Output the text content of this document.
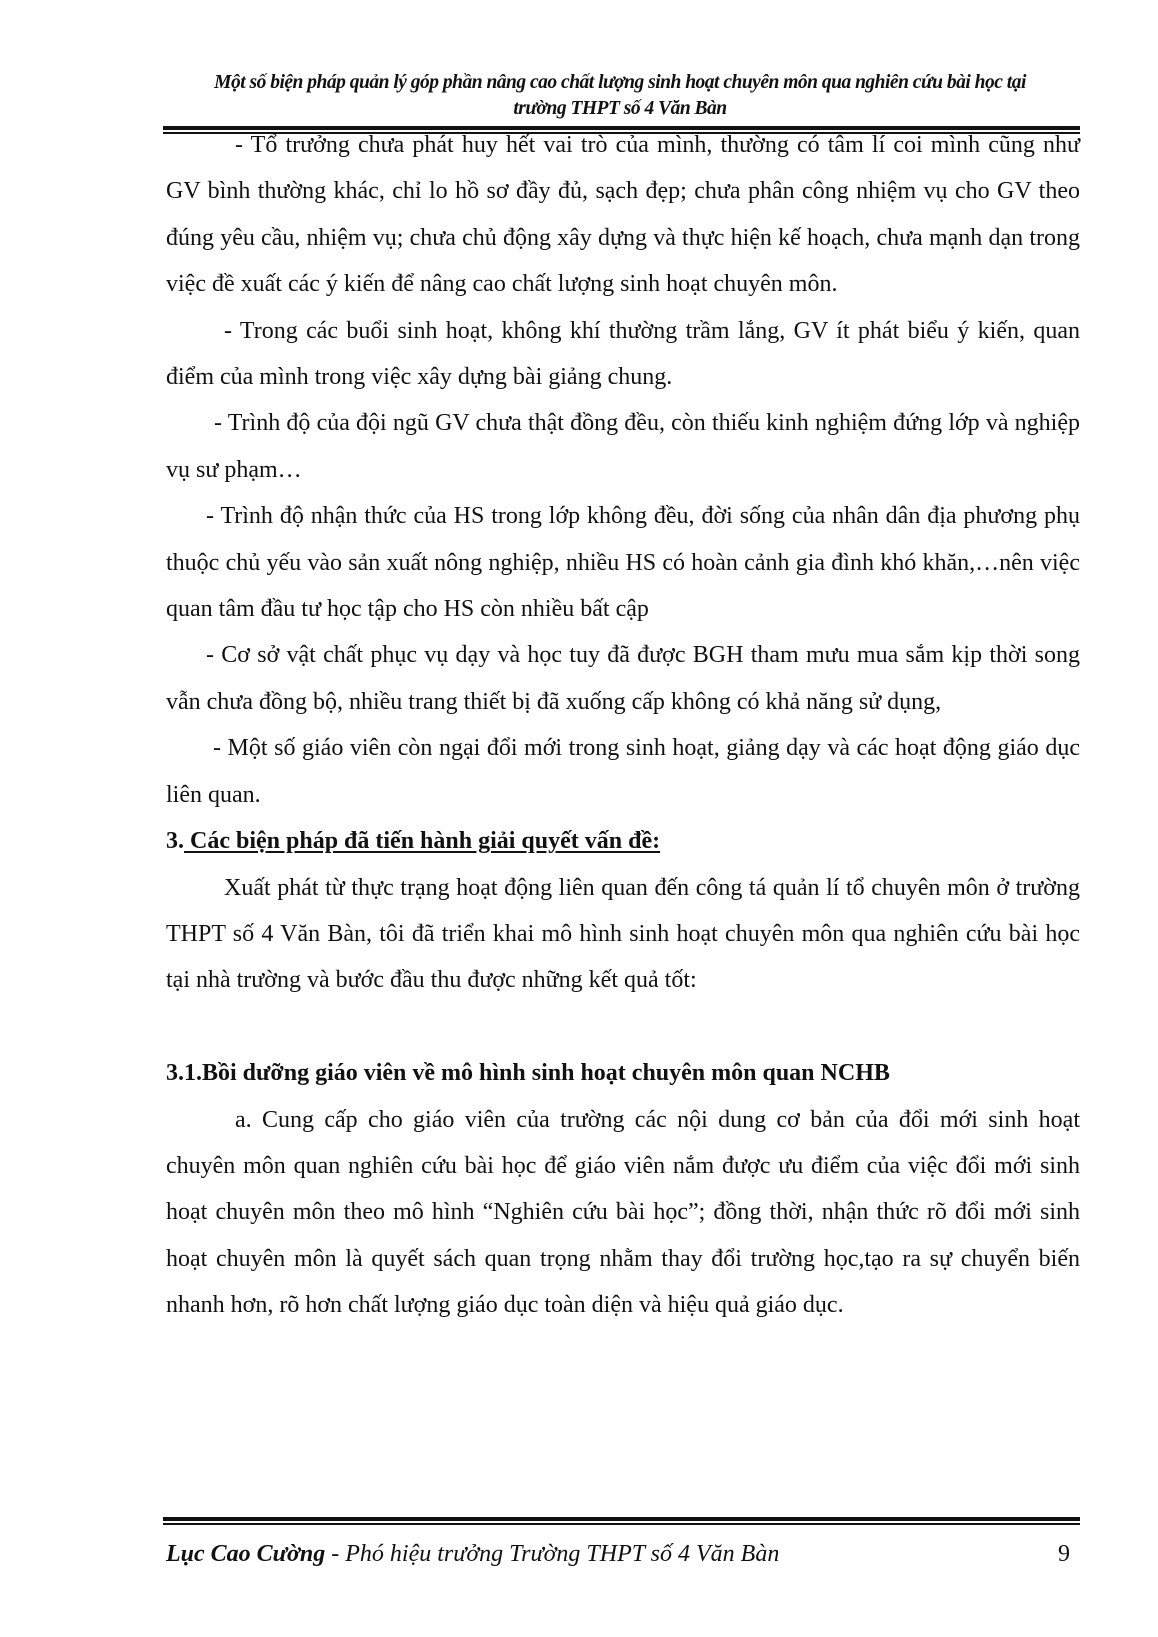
Một số biện pháp quản lý góp phần nâng cao chất lượng sinh hoạt chuyên môn qua nghiên cứu bài học tại
trường THPT số 4 Văn Bàn

- Tổ trưởng chưa phát huy hết vai trò của mình, thường có tâm lí coi mình cũng như GV bình thường khác, chỉ lo hồ sơ đầy đủ, sạch đẹp; chưa phân công nhiệm vụ cho GV theo đúng yêu cầu, nhiệm vụ; chưa chủ động xây dựng và thực hiện kế hoạch, chưa mạnh dạn trong việc đề xuất các ý kiến để nâng cao chất lượng sinh hoạt chuyên môn.

- Trong các buổi sinh hoạt, không khí thường trầm lắng, GV ít phát biểu ý kiến, quan điểm của mình trong việc xây dựng bài giảng chung.

- Trình độ của đội ngũ GV chưa thật đồng đều, còn thiếu kinh nghiệm đứng lớp và nghiệp vụ sư phạm…

- Trình độ nhận thức của HS trong lớp không đều, đời sống của nhân dân địa phương phụ thuộc chủ yếu vào sản xuất nông nghiệp, nhiều HS có hoàn cảnh gia đình khó khăn,…nên việc quan tâm đầu tư học tập cho HS còn nhiều bất cập

- Cơ sở vật chất phục vụ dạy và học tuy đã được BGH tham mưu mua sắm kịp thời song vẫn chưa đồng bộ, nhiều trang thiết bị đã xuống cấp không có khả năng sử dụng,

- Một số giáo viên còn ngại đổi mới trong sinh hoạt, giảng dạy và các hoạt động giáo dục liên quan.

3. Các biện pháp đã tiến hành giải quyết vấn đề:

Xuất phát từ thực trạng hoạt động liên quan đến công tá quản lí tổ chuyên môn ở trường THPT số 4 Văn Bàn, tôi đã triển khai mô hình sinh hoạt chuyên môn qua nghiên cứu bài học tại nhà trường và bước đầu thu được những kết quả tốt:

3.1.Bồi dưỡng giáo viên về mô hình sinh hoạt chuyên môn quan NCHB

a. Cung cấp cho giáo viên của trường các nội dung cơ bản của đổi mới sinh hoạt chuyên môn quan nghiên cứu bài học để giáo viên nắm được ưu điểm của việc đổi mới sinh hoạt chuyên môn theo mô hình “Nghiên cứu bài học”; đồng thời, nhận thức rõ đổi mới sinh hoạt chuyên môn là quyết sách quan trọng nhằm thay đổi trường học,tạo ra sự chuyển biến nhanh hơn, rõ hơn chất lượng giáo dục toàn diện và hiệu quả giáo dục.

Lục Cao Cường - Phó hiệu trưởng Trường THPT số 4 Văn Bàn	9
